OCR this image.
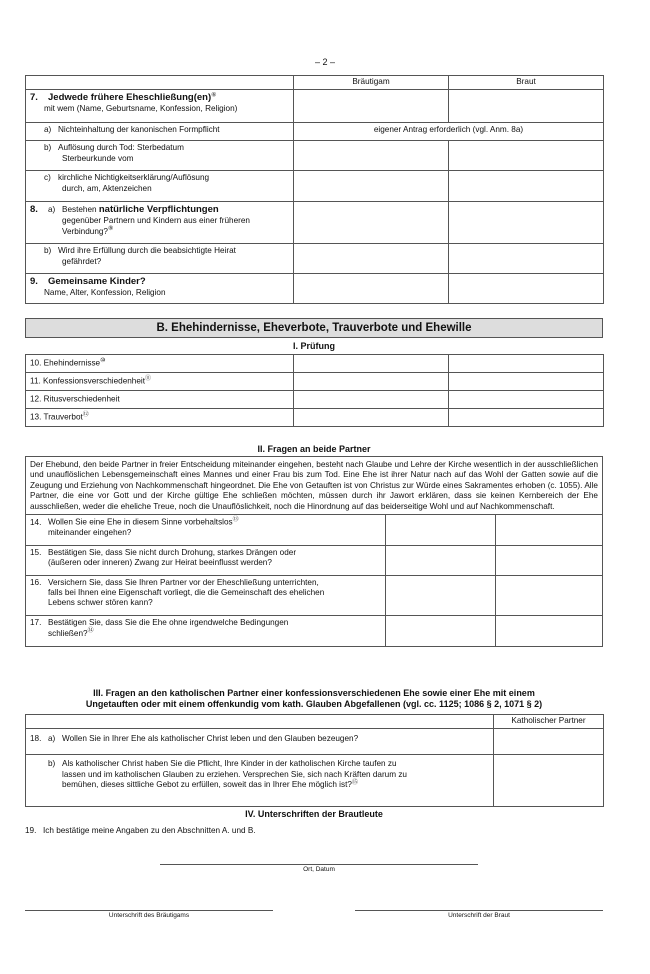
– 2 –
	Bräutigam	Braut
7. Jedwede frühere Eheschließung(en)⑥
mit wem (Name, Geburtsname, Konfession, Religion)		
a) Nichteinhaltung der kanonischen Formpflicht	eigener Antrag erforderlich (vgl. Anm. 8a)	
b) Auflösung durch Tod: Sterbedatum
Sterbeurkunde vom		
c) kirchliche Nichtigkeitserklärung/Auflösung
durch, am, Aktenzeichen		
8. a) Bestehen natürliche Verpflichtungen
gegenüber Partnern und Kindern aus einer früheren
Verbindung?⑧		
b) Wird ihre Erfüllung durch die beabsichtigte Heirat
gefährdet?		
9. Gemeinsame Kinder?
Name, Alter, Konfession, Religion		
B. Ehehindernisse, Eheverbote, Trauverbote und Ehewille
I. Prüfung
10. Ehehindernisse⑩		
11. Konfessionsverschiedenheit⑪		
12. Ritusverschiedenheit		
13. Trauverbot⑫		
II. Fragen an beide Partner
Der Ehebund, den beide Partner in freier Entscheidung miteinander eingehen, besteht nach Glaube und Lehre der Kirche wesentlich in der ausschließlichen und unauflöslichen Lebensgemeinschaft eines Mannes und einer Frau bis zum Tod. Eine Ehe ist ihrer Natur nach auf das Wohl der Gatten sowie auf die Zeugung und Erziehung von Nachkommenschaft hingeordnet. Die Ehe von Getauften ist von Christus zur Würde eines Sakramentes erhoben (c. 1055). Alle Partner, die eine vor Gott und der Kirche gültige Ehe schließen möchten, müssen durch ihr Jawort erklären, dass sie keinen Kernbereich der Ehe ausschließen, weder die eheliche Treue, noch die Unauflöslichkeit, noch die Hinordnung auf das beiderseitige Wohl und auf Nachkommenschaft.
14. Wollen Sie eine Ehe in diesem Sinne vorbehaltslos⑬
miteinander eingehen?		
15. Bestätigen Sie, dass Sie nicht durch Drohung, starkes Drängen oder
(äußeren oder inneren) Zwang zur Heirat beeinflusst werden?		
16. Versichern Sie, dass Sie Ihren Partner vor der Eheschließung unterrichten,
falls bei Ihnen eine Eigenschaft vorliegt, die die Gemeinschaft des ehelichen
Lebens schwer stören kann?		
17. Bestätigen Sie, dass Sie die Ehe ohne irgendwelche Bedingungen
schließen?⑭		
III. Fragen an den katholischen Partner einer konfessionsverschiedenen Ehe sowie einer Ehe mit einem
Ungetauften oder mit einem offenkundig vom kath. Glauben Abgefallenen (vgl. cc. 1125; 1086 § 2, 1071 § 2)
	Katholischer Partner
18. a) Wollen Sie in Ihrer Ehe als katholischer Christ leben und den Glauben bezeugen?	
b) Als katholischer Christ haben Sie die Pflicht, Ihre Kinder in der katholischen Kirche taufen zu
lassen und im katholischen Glauben zu erziehen. Versprechen Sie, sich nach Kräften darum zu
bemühen, dieses sittliche Gebot zu erfüllen, soweit das in Ihrer Ehe möglich ist?⑮	
IV. Unterschriften der Brautleute
19. Ich bestätige meine Angaben zu den Abschnitten A. und B.
Ort, Datum
Unterschrift des Bräutigams	Unterschrift der Braut
